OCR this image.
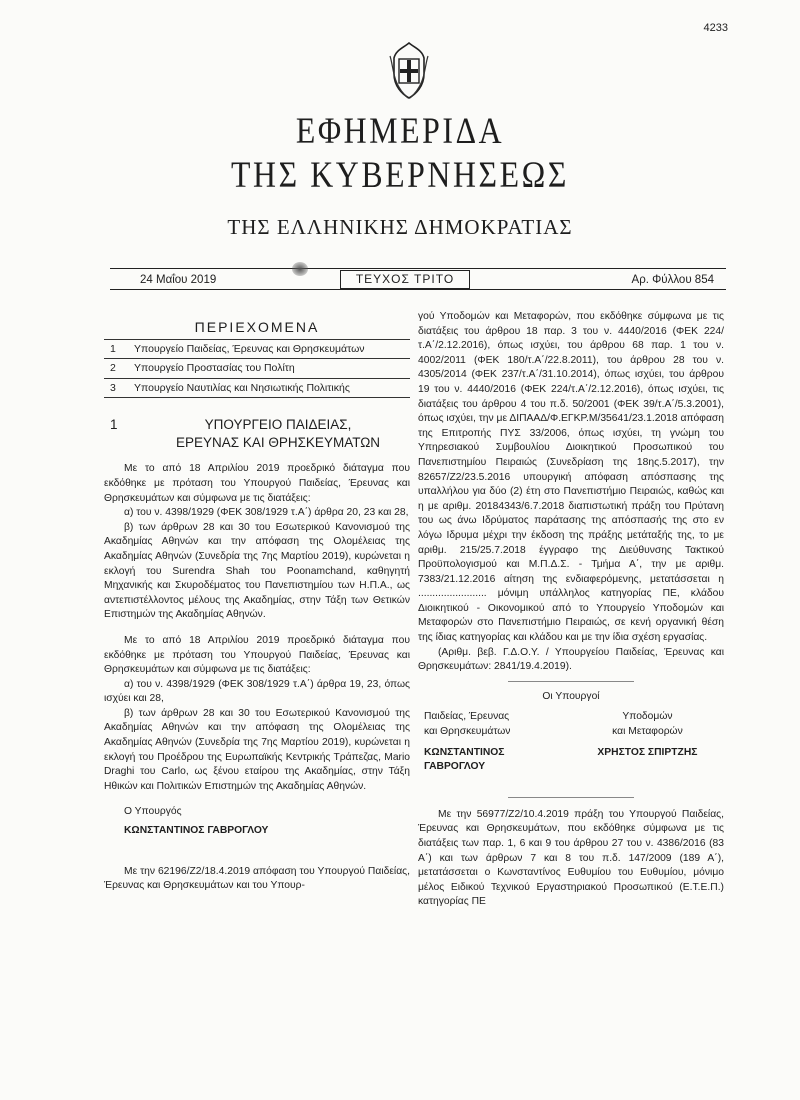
4233
ΕΦΗΜΕΡΙΔΑ
ΤΗΣ ΚΥΒΕΡΝΗΣΕΩΣ
ΤΗΣ ΕΛΛΗΝΙΚΗΣ ΔΗΜΟΚΡΑΤΙΑΣ
24 Μαΐου 2019	ΤΕΥΧΟΣ ΤΡΙΤΟ	Αρ. Φύλλου 854
ΠΕΡΙΕΧΟΜΕΝΑ
1	Υπουργείο Παιδείας, Έρευνας και Θρησκευμάτων
2	Υπουργείο Προστασίας του Πολίτη
3	Υπουργείο Ναυτιλίας και Νησιωτικής Πολιτικής
1	ΥΠΟΥΡΓΕΙΟ ΠΑΙΔΕΙΑΣ,
ΕΡΕΥΝΑΣ ΚΑΙ ΘΡΗΣΚΕΥΜΑΤΩΝ

Με το από 18 Απριλίου 2019 προεδρικό διάταγμα που εκδόθηκε με πρόταση του Υπουργού Παιδείας, Έρευνας και Θρησκευμάτων και σύμφωνα με τις διατάξεις:

α) του ν. 4398/1929 (ΦΕΚ 308/1929 τ.Α΄) άρθρα 20, 23 και 28,

β) των άρθρων 28 και 30 του Εσωτερικού Κανονισμού της Ακαδημίας Αθηνών και την απόφαση της Ολομέλειας της Ακαδημίας Αθηνών (Συνεδρία της 7ης Μαρτίου 2019), κυρώνεται η εκλογή του Surendra Shah του Poonamchand, καθηγητή Μηχανικής και Σκυροδέματος του Πανεπιστημίου των Η.Π.Α., ως αντεπιστέλλοντος μέλους της Ακαδημίας, στην Τάξη των Θετικών Επιστημών της Ακαδημίας Αθηνών.

Με το από 18 Απριλίου 2019 προεδρικό διάταγμα που εκδόθηκε με πρόταση του Υπουργού Παιδείας, Έρευνας και Θρησκευμάτων και σύμφωνα με τις διατάξεις:

α) του ν. 4398/1929 (ΦΕΚ 308/1929 τ.Α΄) άρθρα 19, 23, όπως ισχύει και 28,

β) των άρθρων 28 και 30 του Εσωτερικού Κανονισμού της Ακαδημίας Αθηνών και την απόφαση της Ολομέλειας της Ακαδημίας Αθηνών (Συνεδρία της 7ης Μαρτίου 2019), κυρώνεται η εκλογή του Προέδρου της Ευρωπαϊκής Κεντρικής Τράπεζας, Mario Draghi του Carlo, ως ξένου εταίρου της Ακαδημίας, στην Τάξη Ηθικών και Πολιτικών Επιστημών της Ακαδημίας Αθηνών.

Ο Υπουργός

ΚΩΝΣΤΑΝΤΙΝΟΣ ΓΑΒΡΟΓΛΟΥ

Με την 62196/Ζ2/18.4.2019 απόφαση του Υπουργού Παιδείας, Έρευνας και Θρησκευμάτων και του Υπουρ-

γού Υποδομών και Μεταφορών, που εκδόθηκε σύμφωνα με τις διατάξεις του άρθρου 18 παρ. 3 του ν. 4440/2016 (ΦΕΚ 224/τ.Α΄/2.12.2016), όπως ισχύει, του άρθρου 68 παρ. 1 του ν. 4002/2011 (ΦΕΚ 180/τ.Α΄/22.8.2011), του άρθρου 28 του ν. 4305/2014 (ΦΕΚ 237/τ.Α΄/31.10.2014), όπως ισχύει, του άρθρου 19 του ν. 4440/2016 (ΦΕΚ 224/τ.Α΄/2.12.2016), όπως ισχύει, τις διατάξεις του άρθρου 4 του π.δ. 50/2001 (ΦΕΚ 39/τ.Α΄/5.3.2001), όπως ισχύει, την με ΔΙΠΑΑΔ/Φ.ΕΓΚΡ.Μ/35641/23.1.2018 απόφαση της Επιτροπής ΠΥΣ 33/2006, όπως ισχύει, τη γνώμη του Υπηρεσιακού Συμβουλίου Διοικητικού Προσωπικού του Πανεπιστημίου Πειραιώς (Συνεδρίαση της 18ης.5.2017), την 82657/Ζ2/23.5.2016 υπουργική απόφαση απόσπασης της υπαλλήλου για δύο (2) έτη στο Πανεπιστήμιο Πειραιώς, καθώς και η με αριθμ. 20184343/6.7.2018 διαπιστωτική πράξη του Πρύτανη του ως άνω Ιδρύματος παράτασης της απόσπασής της στο εν λόγω Ιδρυμα μέχρι την έκδοση της πράξης μετάταξής της, το με αριθμ. 215/25.7.2018 έγγραφο της Διεύθυνσης Τακτικού Προϋπολογισμού και Μ.Π.Δ.Σ. - Τμήμα Α΄, την με αριθμ. 7383/21.12.2016 αίτηση της ενδιαφερόμενης, μετατάσσεται η ........................ μόνιμη υπάλληλος κατηγορίας ΠΕ, κλάδου Διοικητικού - Οικονομικού από το Υπουργείο Υποδομών και Μεταφορών στο Πανεπιστήμιο Πειραιώς, σε κενή οργανική θέση της ίδιας κατηγορίας και κλάδου και με την ίδια σχέση εργασίας.

(Αριθμ. βεβ. Γ.Δ.Ο.Υ. / Υπουργείου Παιδείας, Έρευνας και Θρησκευμάτων: 2841/19.4.2019).

Οι Υπουργοί
Παιδείας, Έρευνας
και Θρησκευμάτων
ΚΩΝΣΤΑΝΤΙΝΟΣ ΓΑΒΡΟΓΛΟΥ
Υποδομών
και Μεταφορών
ΧΡΗΣΤΟΣ ΣΠΙΡΤΖΗΣ

Με την 56977/Ζ2/10.4.2019 πράξη του Υπουργού Παιδείας, Έρευνας και Θρησκευμάτων, που εκδόθηκε σύμφωνα με τις διατάξεις των παρ. 1, 6 και 9 του άρθρου 27 του ν. 4386/2016 (83 Α΄) και των άρθρων 7 και 8 του π.δ. 147/2009 (189 Α΄), μετατάσσεται ο Κωνσταντίνος Ευθυμίου του Ευθυμίου, μόνιμο μέλος Ειδικού Τεχνικού Εργαστηριακού Προσωπικού (Ε.Τ.Ε.Π.) κατηγορίας ΠΕ
